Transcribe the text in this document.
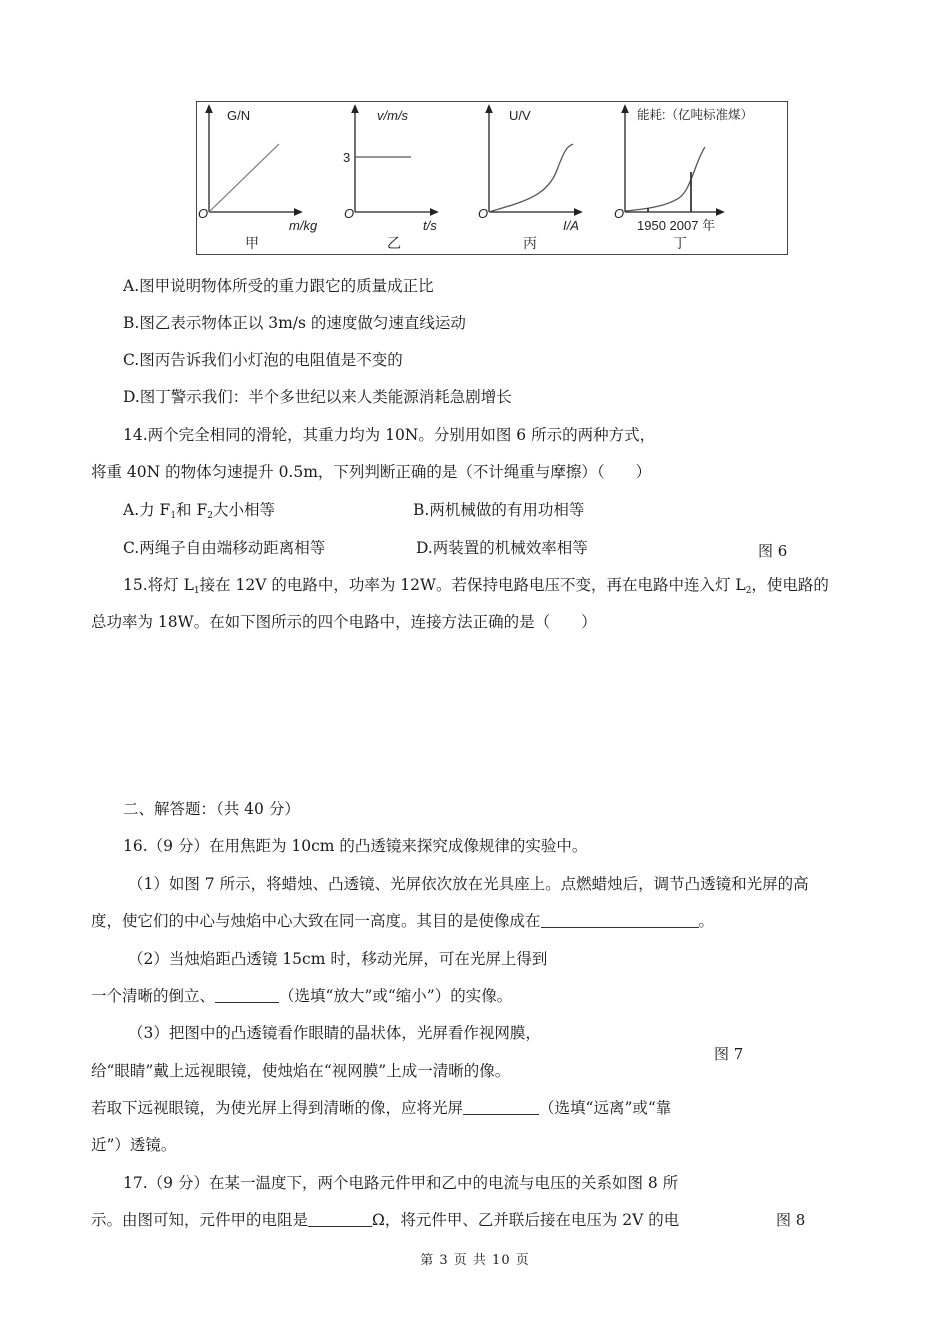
G/N
m/kg
O
甲
v/m/s
3
t/s
O
乙
U/V
I/A
O
丙
能耗:（亿吨标准煤）
1950 2007 年
O
丁
A.图甲说明物体所受的重力跟它的质量成正比
B.图乙表示物体正以 3m/s 的速度做匀速直线运动
C.图丙告诉我们小灯泡的电阻值是不变的
D.图丁警示我们：半个多世纪以来人类能源消耗急剧增长
14.两个完全相同的滑轮，其重力均为 10N。分别用如图 6 所示的两种方式，
将重 40N 的物体匀速提升 0.5m，下列判断正确的是（不计绳重与摩擦）（　　）
A.力 $F_1$和 $F_2$大小相等	B.两机械做的有用功相等
C.两绳子自由端移动距离相等	D.两装置的机械效率相等	图 6
15.将灯 $L_1$接在 12V 的电路中，功率为 12W。若保持电路电压不变，再在电路中连入灯 $L_2$，使电路的
总功率为 18W。在如下图所示的四个电路中，连接方法正确的是（　　）
二、解答题：（共 40 分）
16.（9 分）在用焦距为 10cm 的凸透镜来探究成像规律的实验中。
（1）如图 7 所示，将蜡烛、凸透镜、光屏依次放在光具座上。点燃蜡烛后，调节凸透镜和光屏的高
度，使它们的中心与烛焰中心大致在同一高度。其目的是使像成在	。
（2）当烛焰距凸透镜 15cm 时，移动光屏，可在光屏上得到
一个清晰的倒立、	（选填“放大”或“缩小”）的实像。
（3）把图中的凸透镜看作眼睛的晶状体，光屏看作视网膜，
图 7
给“眼睛”戴上远视眼镜，使烛焰在“视网膜”上成一清晰的像。
若取下远视眼镜，为使光屏上得到清晰的像，应将光屏	（选填“远离”或“靠
近”）透镜。
17.（9 分）在某一温度下，两个电路元件甲和乙中的电流与电压的关系如图 8 所
示。由图可知，元件甲的电阻是	Ω，将元件甲、乙并联后接在电压为 2V 的电	图 8
第 3 页 共 10 页
